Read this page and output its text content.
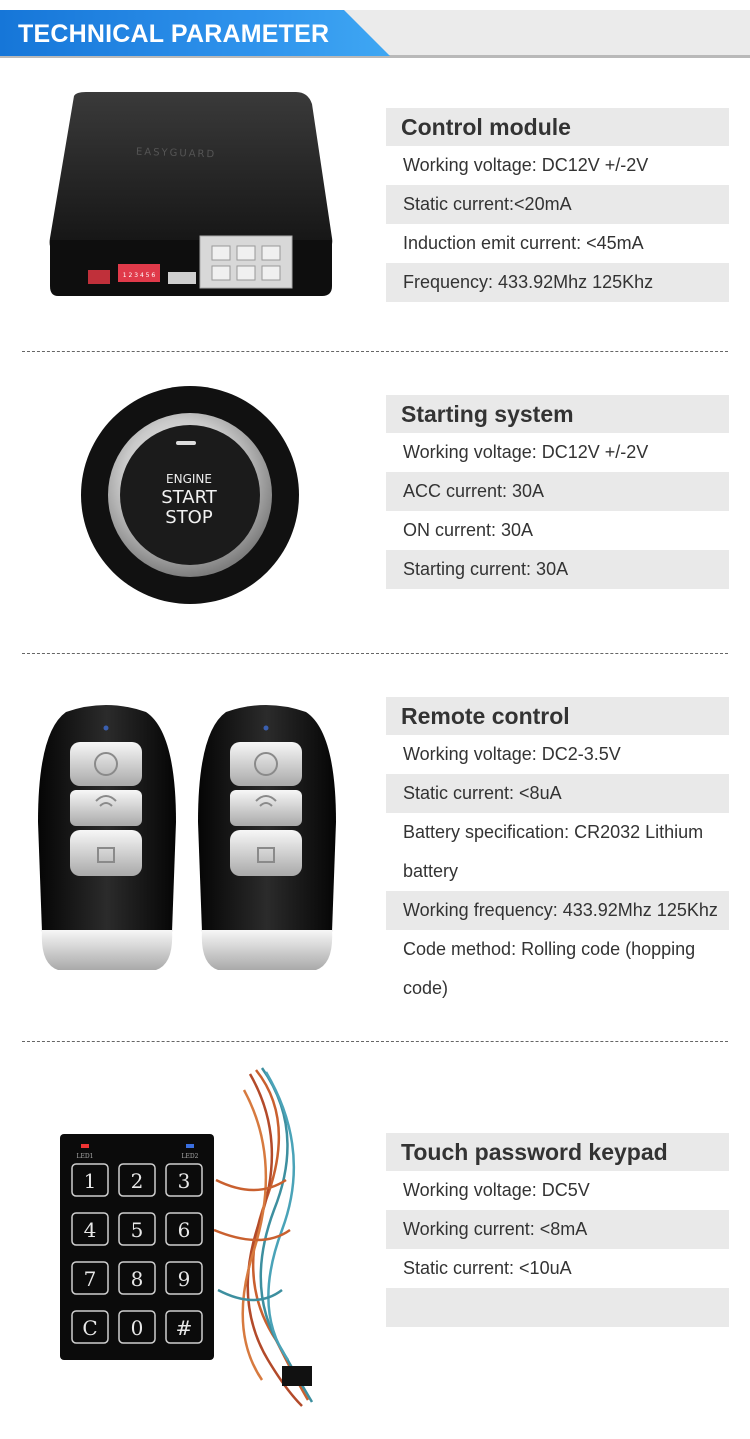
TECHNICAL PARAMETER
EASYGUARD
1 2 3 4 5 6
Control module
Working voltage: DC12V +/-2V
Static current:<20mA
Induction emit current: <45mA
Frequency: 433.92Mhz 125Khz
ENGINE
START
STOP
Starting system
Working voltage: DC12V +/-2V
ACC current: 30A
ON current: 30A
Starting current: 30A
Remote control
Working voltage: DC2-3.5V
Static current: <8uA
Battery specification: CR2032 Lithium battery
Working frequency: 433.92Mhz 125Khz
Code method: Rolling code (hopping code)
LED1	LED2
1 2 3
4 5 6
7 8 9
C 0 #
Touch password keypad
Working voltage: DC5V
Working current: <8mA
Static current: <10uA
